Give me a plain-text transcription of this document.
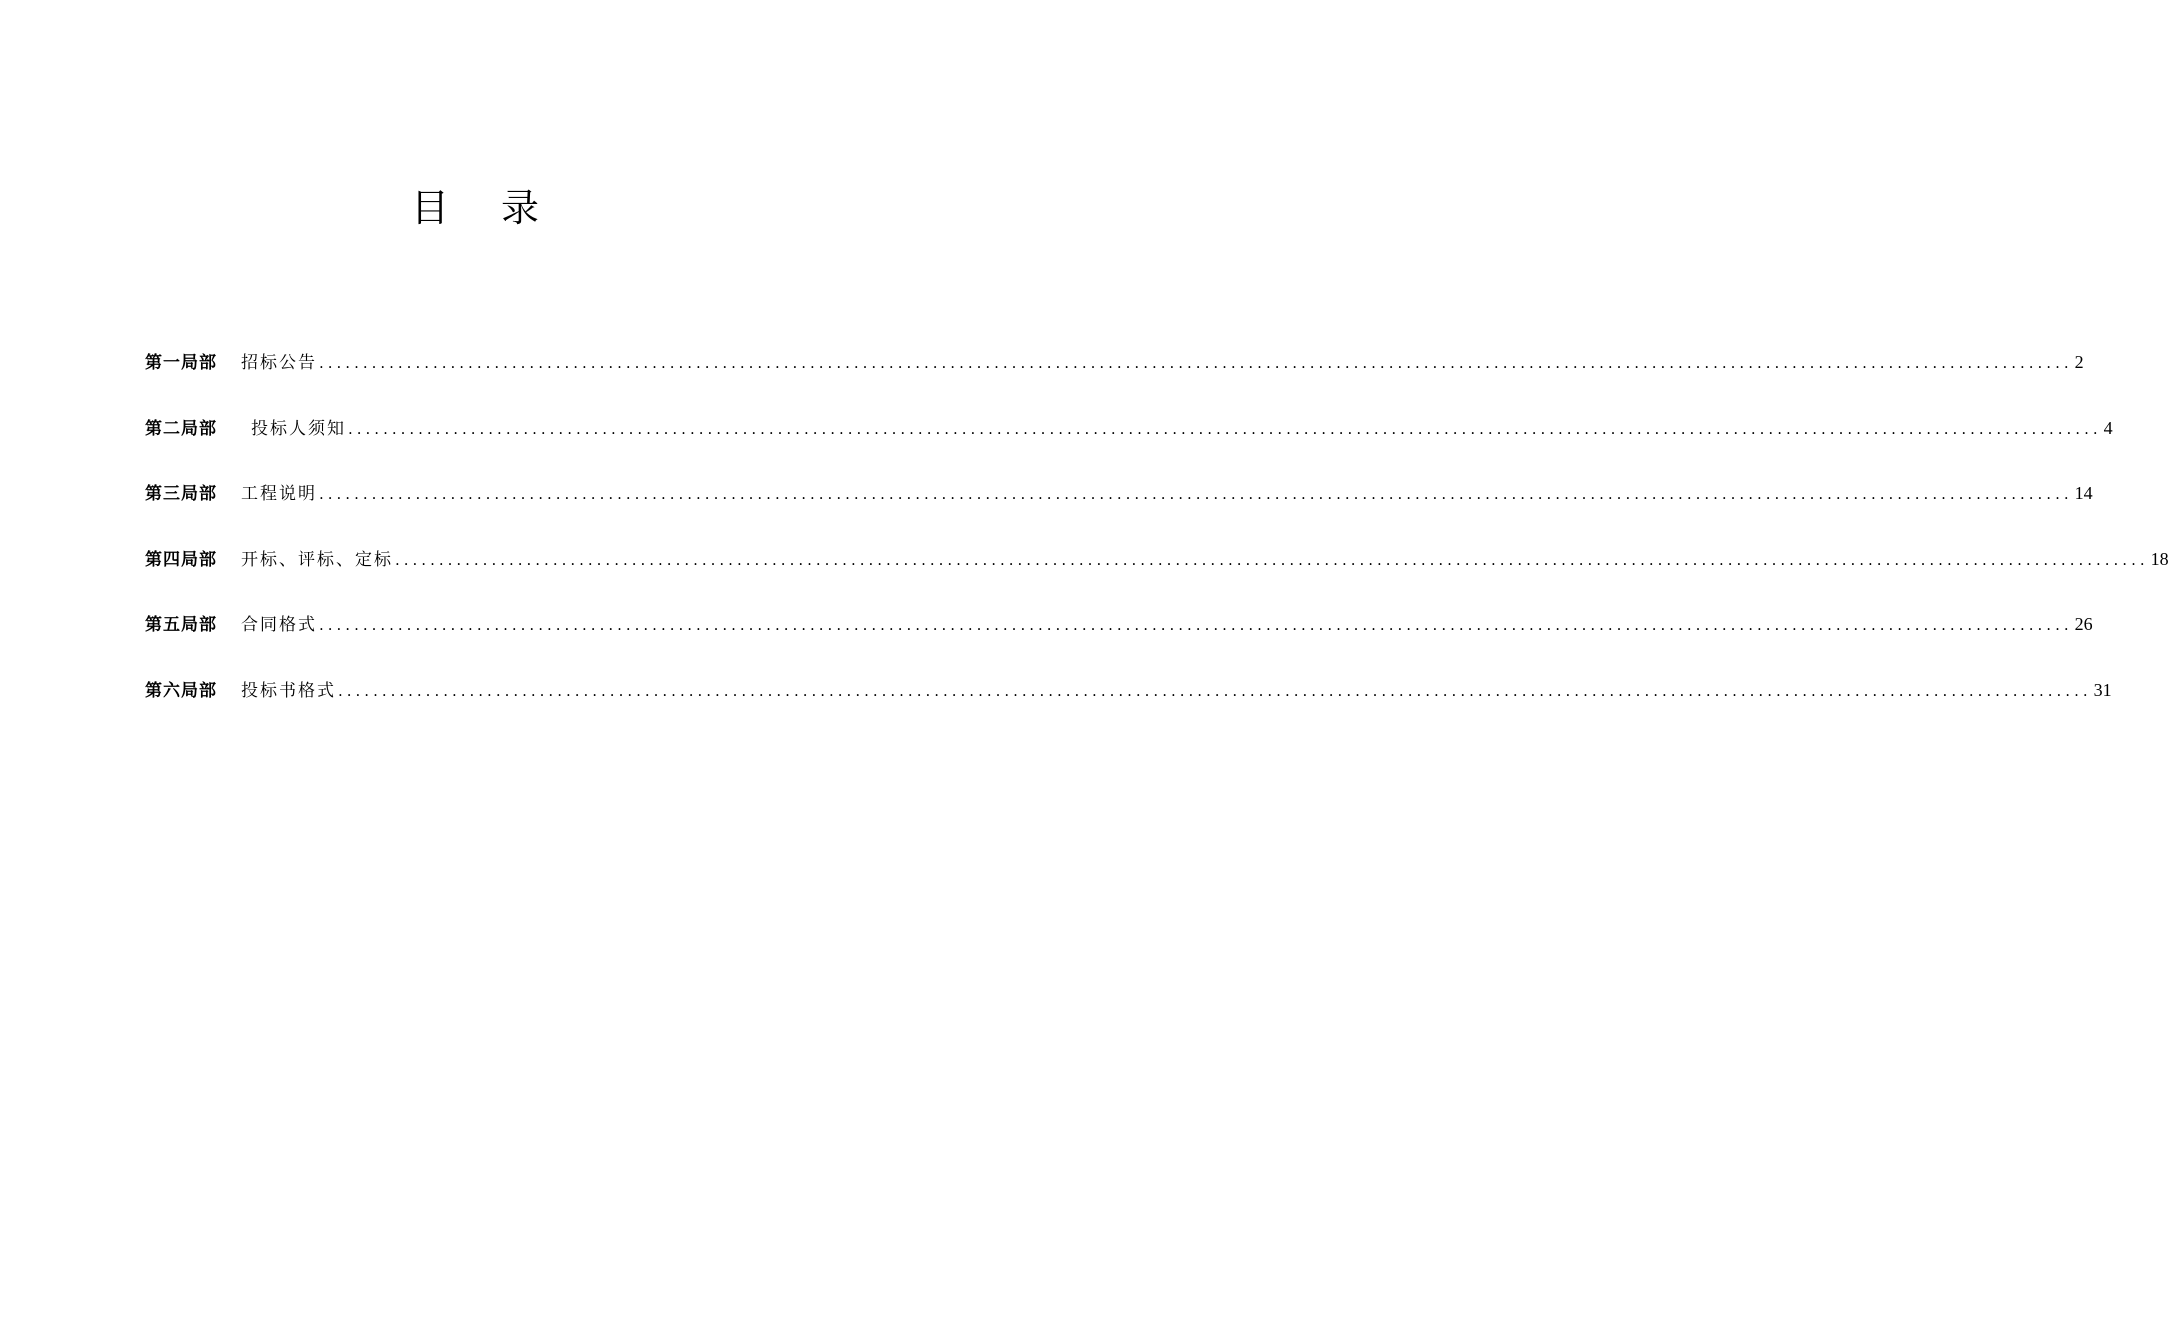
目 录
第一局部	招标公告 ........................................................................................................................................................................................................ 2
第二局部	投标人须知 ........................................................................................................................................................................................................ 4
第三局部	工程说明 ........................................................................................................................................................................................................ 14
第四局部	开标、评标、定标 ........................................................................................................................................................................................................ 18
第五局部	合同格式 ........................................................................................................................................................................................................ 26
第六局部	投标书格式 ........................................................................................................................................................................................................ 31
